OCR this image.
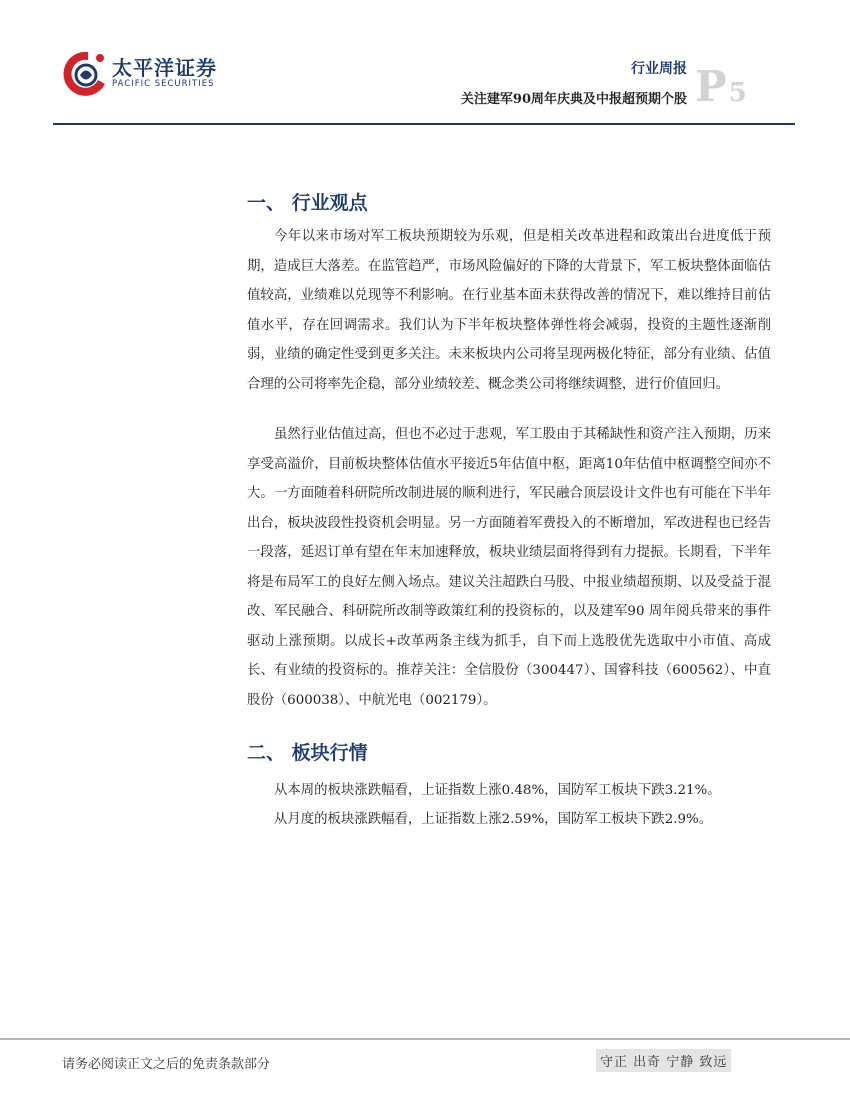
太平洋证券
PACIFIC SECURITIES
行业周报
关注建军90周年庆典及中报超预期个股 P5
一、 行业观点

今年以来市场对军工板块预期较为乐观，但是相关改革进程和政策出台进度低于预期，造成巨大落差。在监管趋严，市场风险偏好的下降的大背景下，军工板块整体面临估值较高，业绩难以兑现等不利影响。在行业基本面未获得改善的情况下，难以维持目前估值水平，存在回调需求。我们认为下半年板块整体弹性将会减弱，投资的主题性逐渐削弱，业绩的确定性受到更多关注。未来板块内公司将呈现两极化特征，部分有业绩、估值合理的公司将率先企稳，部分业绩较差、概念类公司将继续调整，进行价值回归。

虽然行业估值过高，但也不必过于悲观，军工股由于其稀缺性和资产注入预期，历来享受高溢价，目前板块整体估值水平接近5年估值中枢，距离10年估值中枢调整空间亦不大。一方面随着科研院所改制进展的顺利进行，军民融合顶层设计文件也有可能在下半年出台，板块波段性投资机会明显。另一方面随着军费投入的不断增加，军改进程也已经告一段落，延迟订单有望在年末加速释放，板块业绩层面将得到有力提振。长期看，下半年将是布局军工的良好左侧入场点。建议关注超跌白马股、中报业绩超预期、以及受益于混改、军民融合、科研院所改制等政策红利的投资标的，以及建军90 周年阅兵带来的事件驱动上涨预期。以成长+改革两条主线为抓手，自下而上选股优先选取中小市值、高成长、有业绩的投资标的。推荐关注：全信股份（300447）、国睿科技（600562）、中直股份（600038）、中航光电（002179）。

二、 板块行情

从本周的板块涨跌幅看，上证指数上涨0.48%，国防军工板块下跌3.21%。

从月度的板块涨跌幅看，上证指数上涨2.59%，国防军工板块下跌2.9%。

请务必阅读正文之后的免责条款部分	守正 出奇 宁静 致远
